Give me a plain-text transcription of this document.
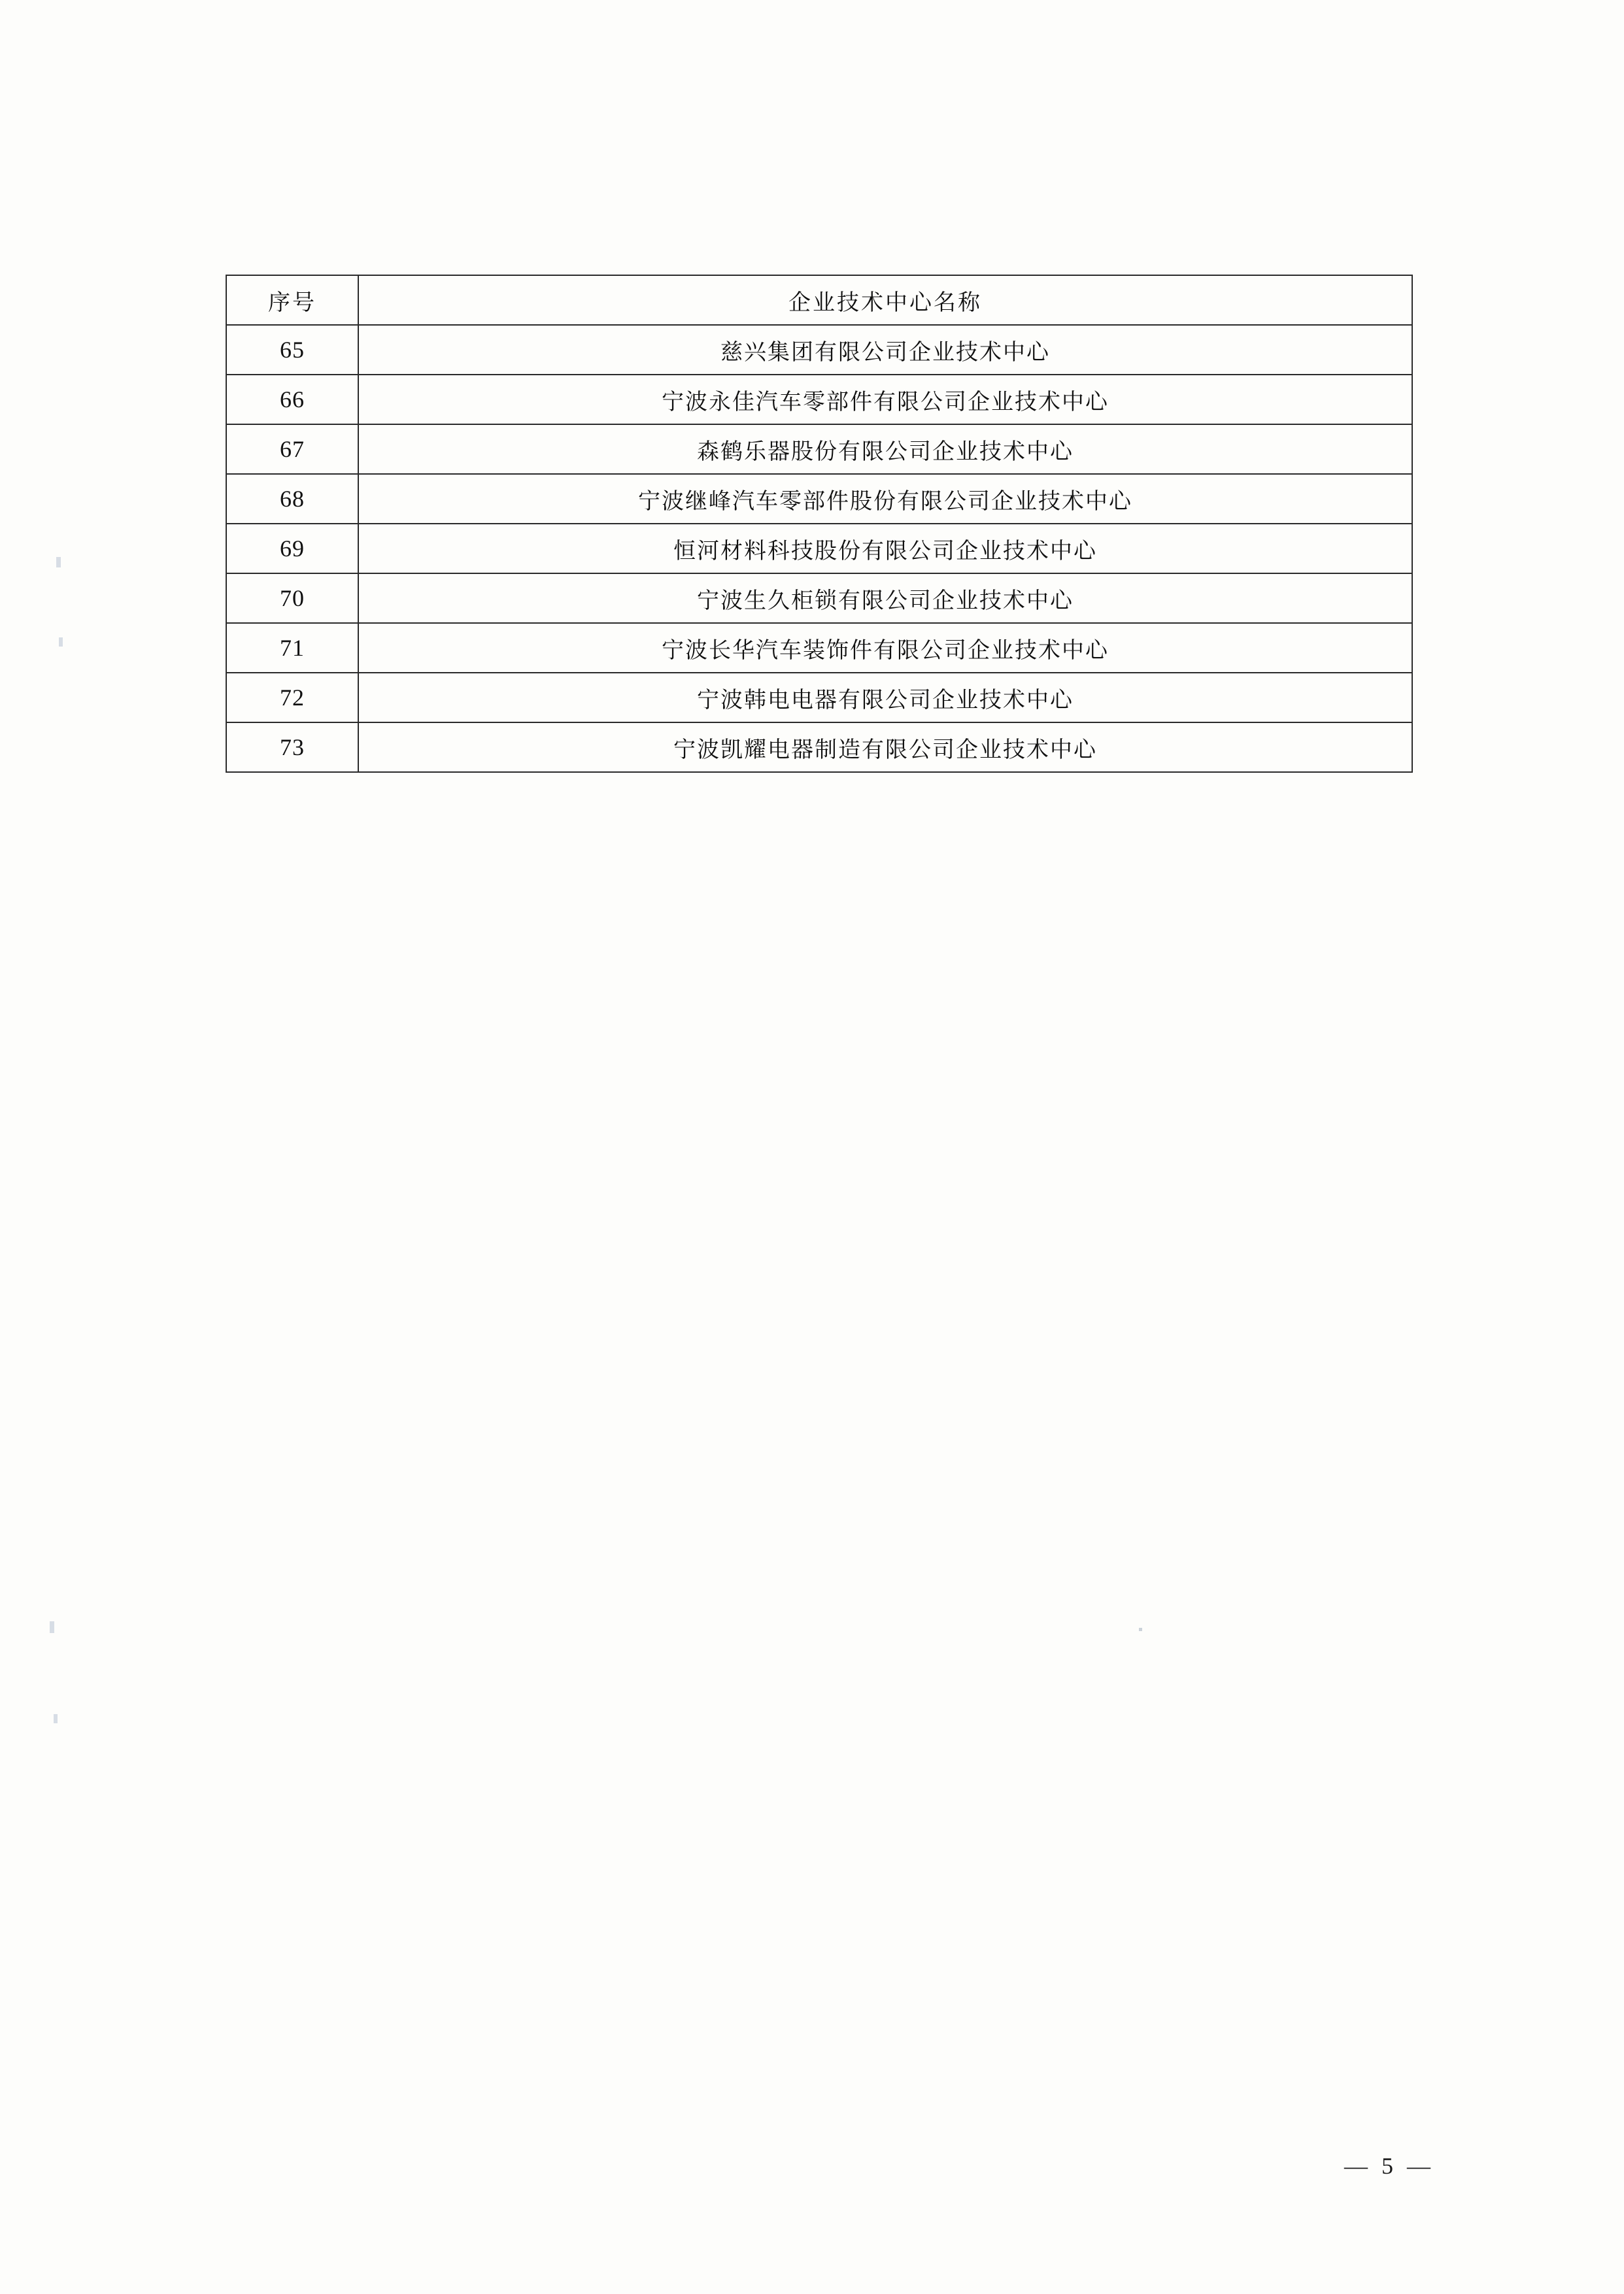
序号	企业技术中心名称
65	慈兴集团有限公司企业技术中心
66	宁波永佳汽车零部件有限公司企业技术中心
67	森鹤乐器股份有限公司企业技术中心
68	宁波继峰汽车零部件股份有限公司企业技术中心
69	恒河材料科技股份有限公司企业技术中心
70	宁波生久柜锁有限公司企业技术中心
71	宁波长华汽车装饰件有限公司企业技术中心
72	宁波韩电电器有限公司企业技术中心
73	宁波凯耀电器制造有限公司企业技术中心
— 5 —
